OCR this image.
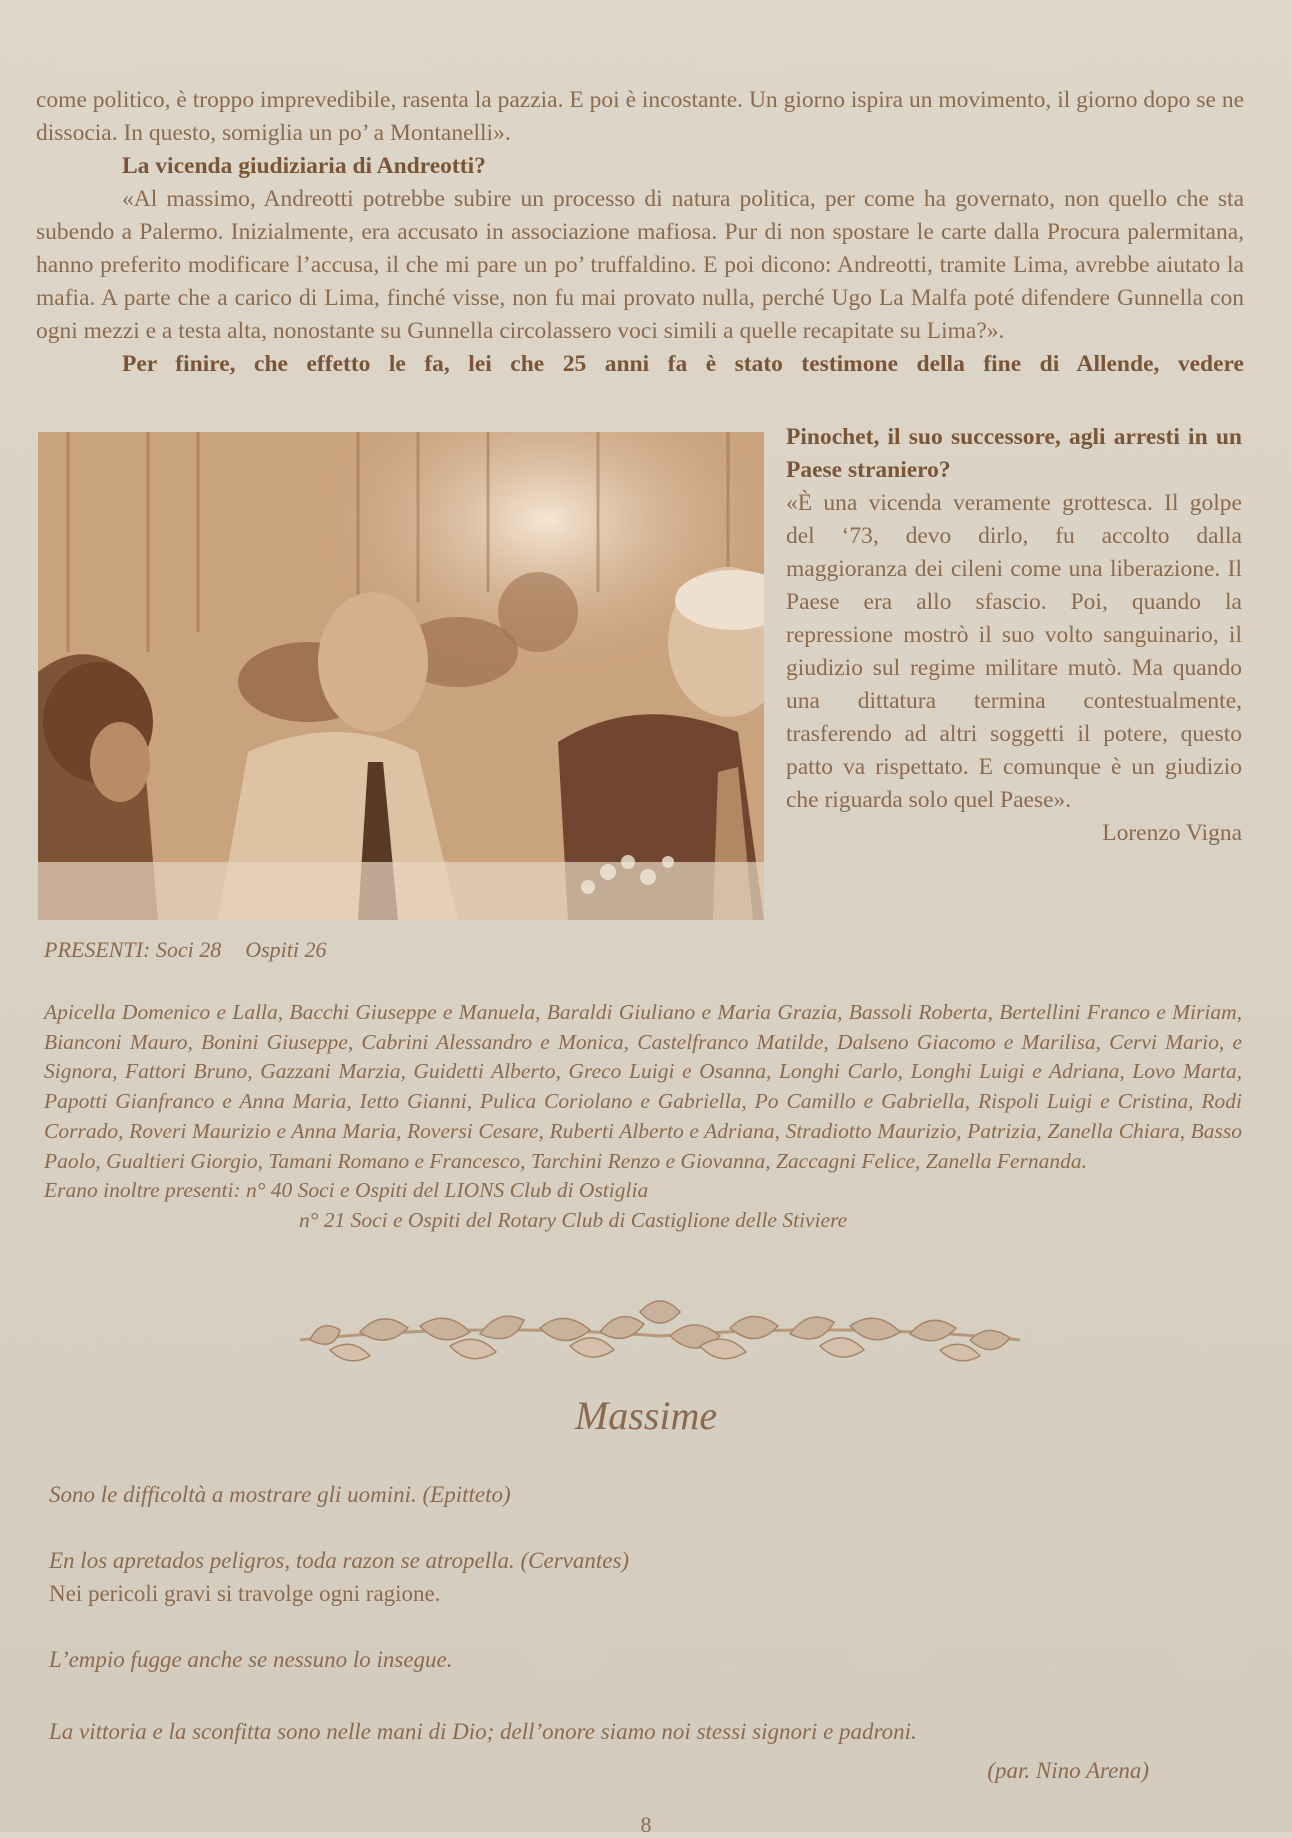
come politico, è troppo imprevedibile, rasenta la pazzia. E poi è incostante. Un giorno ispira un movimento, il giorno dopo se ne dissocia. In questo, somiglia un po’ a Montanelli».

La vicenda giudiziaria di Andreotti?

«Al massimo, Andreotti potrebbe subire un processo di natura politica, per come ha governato, non quello che sta subendo a Palermo. Inizialmente, era accusato in associazione mafiosa. Pur di non spostare le carte dalla Procura palermitana, hanno preferito modificare l’accusa, il che mi pare un po’ truffaldino. E poi dicono: Andreotti, tramite Lima, avrebbe aiutato la mafia. A parte che a carico di Lima, finché visse, non fu mai provato nulla, perché Ugo La Malfa poté difendere Gunnella con ogni mezzi e a testa alta, nonostante su Gunnella circolassero voci simili a quelle recapitate su Lima?».

Per finire, che effetto le fa, lei che 25 anni fa è stato testimone della fine di Allende, vedere

Pinochet, il suo successore, agli arresti in un Paese straniero?

«È una vicenda veramente grottesca. Il golpe del ‘73, devo dirlo, fu accolto dalla maggioranza dei cileni come una liberazione. Il Paese era allo sfascio. Poi, quando la repressione mostrò il suo volto sanguinario, il giudizio sul regime militare mutò. Ma quando una dittatura termina contestualmente, trasferendo ad altri soggetti il potere, questo patto va rispettato. E comunque è un giudizio che riguarda solo quel Paese».

Lorenzo Vigna

PRESENTI: Soci 28 Ospiti 26

Apicella Domenico e Lalla, Bacchi Giuseppe e Manuela, Baraldi Giuliano e Maria Grazia, Bassoli Roberta, Bertellini Franco e Miriam, Bianconi Mauro, Bonini Giuseppe, Cabrini Alessandro e Monica, Castelfranco Matilde, Dalseno Giacomo e Marilisa, Cervi Mario, e Signora, Fattori Bruno, Gazzani Marzia, Guidetti Alberto, Greco Luigi e Osanna, Longhi Carlo, Longhi Luigi e Adriana, Lovo Marta, Papotti Gianfranco e Anna Maria, Ietto Gianni, Pulica Coriolano e Gabriella, Po Camillo e Gabriella, Rispoli Luigi e Cristina, Rodi Corrado, Roveri Maurizio e Anna Maria, Roversi Cesare, Ruberti Alberto e Adriana, Stradiotto Maurizio, Patrizia, Zanella Chiara, Basso Paolo, Gualtieri Giorgio, Tamani Romano e Francesco, Tarchini Renzo e Giovanna, Zaccagni Felice, Zanella Fernanda.

Erano inoltre presenti: n° 40 Soci e Ospiti del LIONS Club di Ostiglia

n° 21 Soci e Ospiti del Rotary Club di Castiglione delle Stiviere

Massime

Sono le difficoltà a mostrare gli uomini. (Epitteto)

En los apretados peligros, toda razon se atropella. (Cervantes)

Nei pericoli gravi si travolge ogni ragione.

L’empio fugge anche se nessuno lo insegue.

La vittoria e la sconfitta sono nelle mani di Dio; dell’onore siamo noi stessi signori e padroni.

(par. Nino Arena)

8
